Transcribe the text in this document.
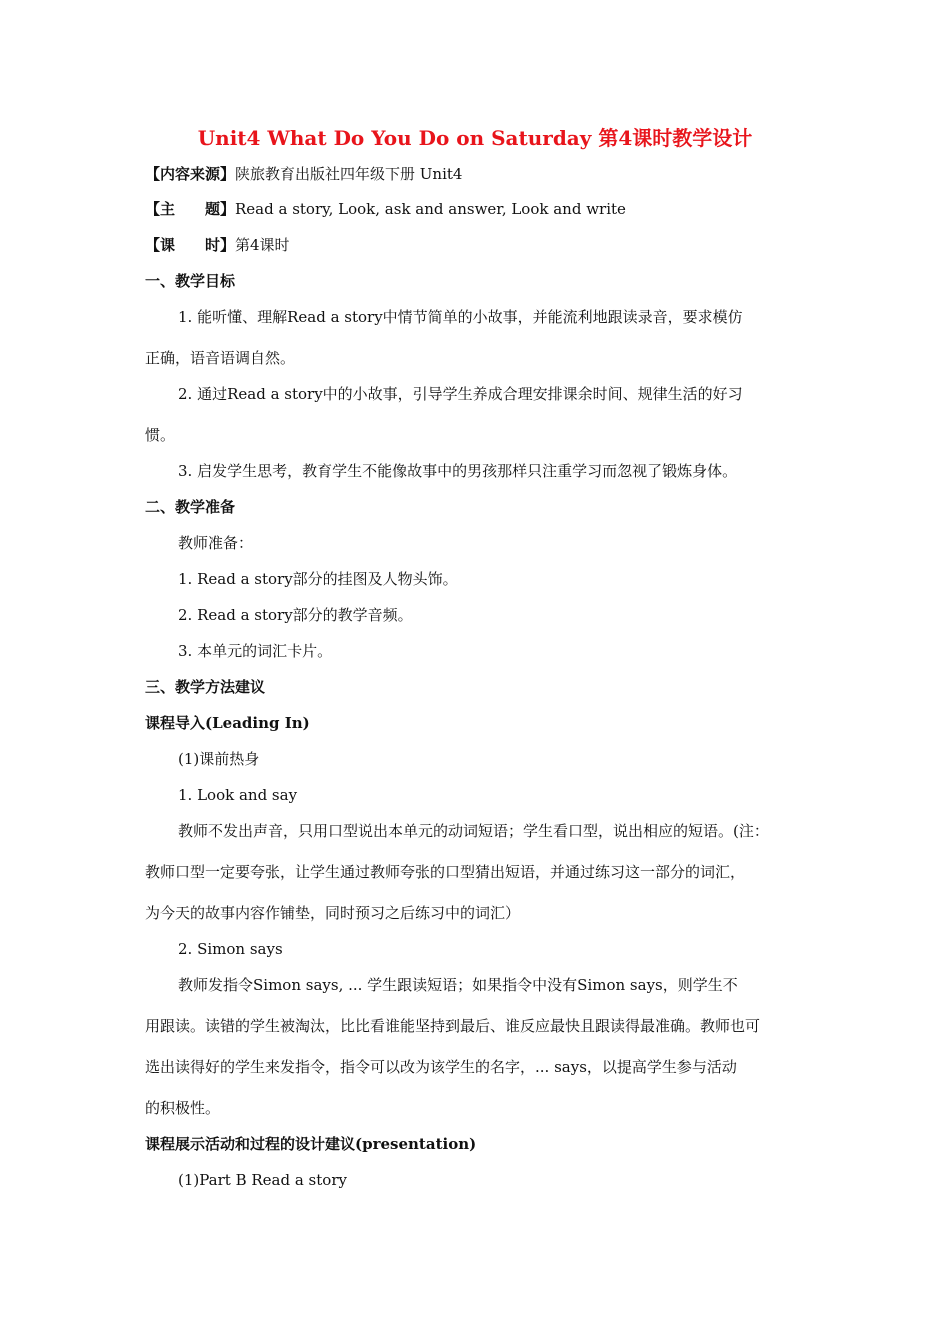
Unit4 What Do You Do on Saturday 第4课时教学设计
【内容来源】陕旅教育出版社四年级下册 Unit4
【主　　题】Read a story, Look, ask and answer, Look and write
【课　　时】第4课时
一、教学目标
1. 能听懂、理解Read a story中情节简单的小故事，并能流利地跟读录音，要求模仿
正确，语音语调自然。
2. 通过Read a story中的小故事，引导学生养成合理安排课余时间、规律生活的好习
惯。
3. 启发学生思考，教育学生不能像故事中的男孩那样只注重学习而忽视了锻炼身体。
二、教学准备
教师准备：
1. Read a story部分的挂图及人物头饰。
2. Read a story部分的教学音频。
3. 本单元的词汇卡片。
三、教学方法建议
课程导入(Leading In)
(1)课前热身
1. Look and say
教师不发出声音，只用口型说出本单元的动词短语；学生看口型，说出相应的短语。(注：
教师口型一定要夸张，让学生通过教师夸张的口型猜出短语，并通过练习这一部分的词汇，
为今天的故事内容作铺垫，同时预习之后练习中的词汇）
2. Simon says
教师发指令Simon says, ... 学生跟读短语；如果指令中没有Simon says，则学生不
用跟读。读错的学生被淘汰，比比看谁能坚持到最后、谁反应最快且跟读得最准确。教师也可
选出读得好的学生来发指令，指令可以改为该学生的名字，... says，以提高学生参与活动
的积极性。
课程展示活动和过程的设计建议(presentation)
(1)Part B Read a story
